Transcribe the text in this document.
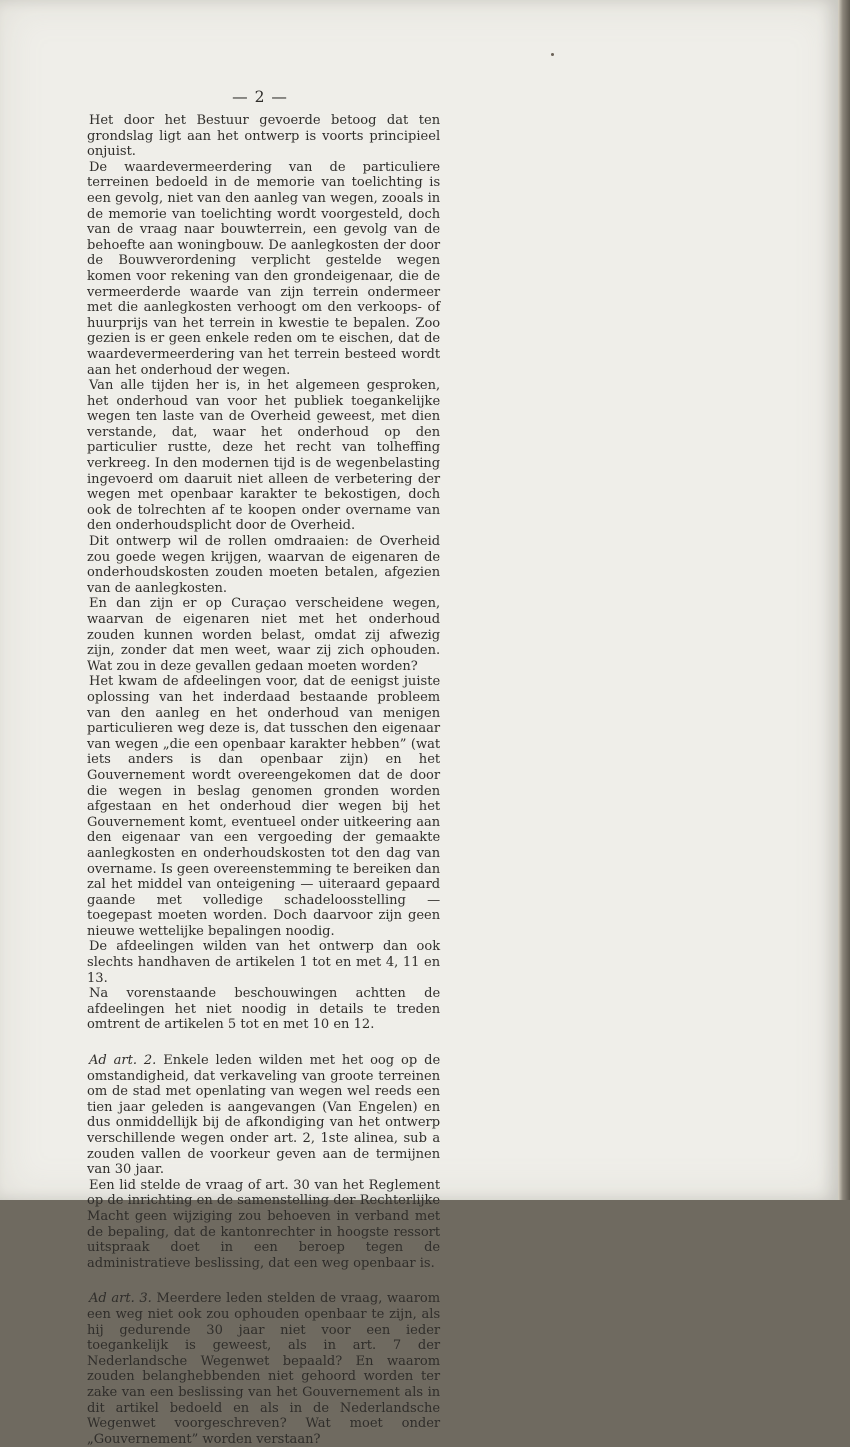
— 2 —

Het door het Bestuur gevoerde betoog dat ten grondslag ligt aan het ontwerp is voorts principieel onjuist.

De waardevermeerdering van de particuliere terreinen bedoeld in de memorie van toelichting is een gevolg, niet van den aanleg van wegen, zooals in de memorie van toelichting wordt voorgesteld, doch van de vraag naar bouwterrein, een gevolg van de behoefte aan woningbouw. De aanlegkosten der door de Bouwverordening verplicht gestelde wegen komen voor rekening van den grondeigenaar, die de vermeerderde waarde van zijn terrein ondermeer met die aanlegkosten verhoogt om den verkoops- of huurprijs van het terrein in kwestie te bepalen. Zoo gezien is er geen enkele reden om te eischen, dat de waardevermeerdering van het terrein besteed wordt aan het onderhoud der wegen.

Van alle tijden her is, in het algemeen gesproken, het onderhoud van voor het publiek toegankelijke wegen ten laste van de Overheid geweest, met dien verstande, dat, waar het onderhoud op den particulier rustte, deze het recht van tolheffing verkreeg. In den modernen tijd is de wegenbelasting ingevoerd om daaruit niet alleen de verbetering der wegen met openbaar karakter te bekostigen, doch ook de tolrechten af te koopen onder overname van den onderhoudsplicht door de Overheid.

Dit ontwerp wil de rollen omdraaien: de Overheid zou goede wegen krijgen, waarvan de eigenaren de onderhoudskosten zouden moeten betalen, afgezien van de aanlegkosten.

En dan zijn er op Curaçao verscheidene wegen, waarvan de eigenaren niet met het onderhoud zouden kunnen worden belast, omdat zij afwezig zijn, zonder dat men weet, waar zij zich ophouden. Wat zou in deze gevallen gedaan moeten worden?

Het kwam de afdeelingen voor, dat de eenigst juiste oplossing van het inderdaad bestaande probleem van den aanleg en het onderhoud van menigen particulieren weg deze is, dat tusschen den eigenaar van wegen „die een openbaar karakter hebben” (wat iets anders is dan openbaar zijn) en het Gouvernement wordt overeengekomen dat de door die wegen in beslag genomen gronden worden afgestaan en het onderhoud dier wegen bij het Gouvernement komt, eventueel onder uitkeering aan den eigenaar van een vergoeding der gemaakte aanlegkosten en onderhoudskosten tot den dag van overname. Is geen overeenstemming te bereiken dan zal het middel van onteigening — uiteraard gepaard gaande met volledige schadeloosstelling — toegepast moeten worden. Doch daarvoor zijn geen nieuwe wettelijke bepalingen noodig.

De afdeelingen wilden van het ontwerp dan ook slechts handhaven de artikelen 1 tot en met 4, 11 en 13.

Na vorenstaande beschouwingen achtten de afdeelingen het niet noodig in details te treden omtrent de artikelen 5 tot en met 10 en 12.

Ad art. 2. Enkele leden wilden met het oog op de omstandigheid, dat verkaveling van groote terreinen om de stad met openlating van wegen wel reeds een tien jaar geleden is aangevangen (Van Engelen) en dus onmiddellijk bij de afkondiging van het ontwerp verschillende wegen onder art. 2, 1ste alinea, sub a zouden vallen de voorkeur geven aan de termijnen van 30 jaar.

Een lid stelde de vraag of art. 30 van het Reglement op de inrichting en de samenstelling der Rechterlijke Macht geen wijziging zou behoeven in verband met de bepaling, dat de kantonrechter in hoogste ressort uitspraak doet in een beroep tegen de administratieve beslissing, dat een weg openbaar is.

Ad art. 3. Meerdere leden stelden de vraag, waarom een weg niet ook zou ophouden openbaar te zijn, als hij gedurende 30 jaar niet voor een ieder toegankelijk is geweest, als in art. 7 der Nederlandsche Wegenwet bepaald? En waarom zouden belanghebbenden niet gehoord worden ter zake van een beslissing van het Gouvernement als in dit artikel bedoeld en als in de Nederlandsche Wegenwet voorgeschreven? Wat moet onder „Gouvernement” worden verstaan?
